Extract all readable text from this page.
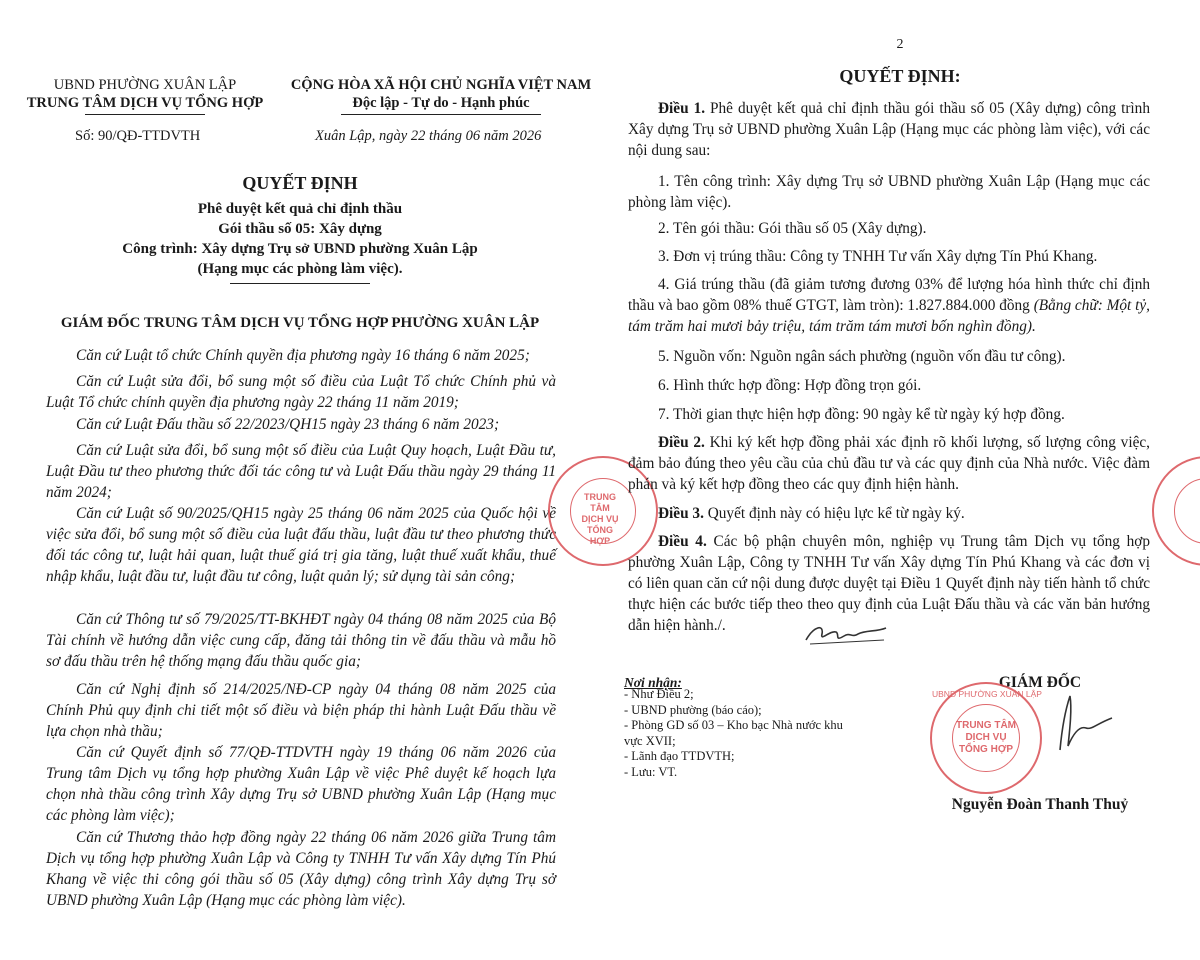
UBND PHƯỜNG XUÂN LẬP
TRUNG TÂM DỊCH VỤ TỔNG HỢP
Số: 90/QĐ-TTDVTH
CỘNG HÒA XÃ HỘI CHỦ NGHĨA VIỆT NAM
Độc lập - Tự do - Hạnh phúc
Xuân Lập, ngày 22 tháng 06 năm 2026
QUYẾT ĐỊNH
Phê duyệt kết quả chỉ định thầu
Gói thầu số 05: Xây dựng
Công trình: Xây dựng Trụ sở UBND phường Xuân Lập
(Hạng mục các phòng làm việc).
GIÁM ĐỐC TRUNG TÂM DỊCH VỤ TỔNG HỢP PHƯỜNG XUÂN LẬP
Căn cứ Luật tổ chức Chính quyền địa phương ngày 16 tháng 6 năm 2025;
Căn cứ Luật sửa đổi, bổ sung một số điều của Luật Tổ chức Chính phủ và Luật Tổ chức chính quyền địa phương ngày 22 tháng 11 năm 2019;
Căn cứ Luật Đấu thầu số 22/2023/QH15 ngày 23 tháng 6 năm 2023;
Căn cứ Luật sửa đổi, bổ sung một số điều của Luật Quy hoạch, Luật Đầu tư, Luật Đầu tư theo phương thức đối tác công tư và Luật Đấu thầu ngày 29 tháng 11 năm 2024;
Căn cứ Luật số 90/2025/QH15 ngày 25 tháng 06 năm 2025 của Quốc hội về việc sửa đổi, bổ sung một số điều của luật đấu thầu, luật đầu tư theo phương thức đối tác công tư, luật hải quan, luật thuế giá trị gia tăng, luật thuế xuất khẩu, thuế nhập khẩu, luật đầu tư, luật đầu tư công, luật quản lý; sử dụng tài sản công;
Căn cứ Thông tư số 79/2025/TT-BKHĐT ngày 04 tháng 08 năm 2025 của Bộ Tài chính về hướng dẫn việc cung cấp, đăng tải thông tin về đấu thầu và mẫu hồ sơ đấu thầu trên hệ thống mạng đấu thầu quốc gia;
Căn cứ Nghị định số 214/2025/NĐ-CP ngày 04 tháng 08 năm 2025 của Chính Phủ quy định chi tiết một số điều và biện pháp thi hành Luật Đấu thầu về lựa chọn nhà thầu;
Căn cứ Quyết định số 77/QĐ-TTDVTH ngày 19 tháng 06 năm 2026 của Trung tâm Dịch vụ tổng hợp phường Xuân Lập về việc Phê duyệt kế hoạch lựa chọn nhà thầu công trình Xây dựng Trụ sở UBND phường Xuân Lập (Hạng mục các phòng làm việc);
Căn cứ Thương thảo hợp đồng ngày 22 tháng 06 năm 2026 giữa Trung tâm Dịch vụ tổng hợp phường Xuân Lập và Công ty TNHH Tư vấn Xây dựng Tín Phú Khang về việc thi công gói thầu số 05 (Xây dựng) công trình Xây dựng Trụ sở UBND phường Xuân Lập (Hạng mục các phòng làm việc).
TRUNG TÂM
DỊCH VỤ
TỔNG HỢP
2
QUYẾT ĐỊNH:
Điều 1. Phê duyệt kết quả chỉ định thầu gói thầu số 05 (Xây dựng) công trình Xây dựng Trụ sở UBND phường Xuân Lập (Hạng mục các phòng làm việc), với các nội dung sau:
1. Tên công trình: Xây dựng Trụ sở UBND phường Xuân Lập (Hạng mục các phòng làm việc).
2. Tên gói thầu: Gói thầu số 05 (Xây dựng).
3. Đơn vị trúng thầu: Công ty TNHH Tư vấn Xây dựng Tín Phú Khang.
4. Giá trúng thầu (đã giảm tương đương 03% để lượng hóa hình thức chỉ định thầu và bao gồm 08% thuế GTGT, làm tròn): 1.827.884.000 đồng (Bằng chữ: Một tỷ, tám trăm hai mươi bảy triệu, tám trăm tám mươi bốn nghìn đồng).
5. Nguồn vốn: Nguồn ngân sách phường (nguồn vốn đầu tư công).
6. Hình thức hợp đồng: Hợp đồng trọn gói.
7. Thời gian thực hiện hợp đồng: 90 ngày kể từ ngày ký hợp đồng.
Điều 2. Khi ký kết hợp đồng phải xác định rõ khối lượng, số lượng công việc, đảm bảo đúng theo yêu cầu của chủ đầu tư và các quy định của Nhà nước. Việc đàm phán và ký kết hợp đồng theo các quy định hiện hành.
Điều 3. Quyết định này có hiệu lực kể từ ngày ký.
Điều 4. Các bộ phận chuyên môn, nghiệp vụ Trung tâm Dịch vụ tổng hợp phường Xuân Lập, Công ty TNHH Tư vấn Xây dựng Tín Phú Khang và các đơn vị có liên quan căn cứ nội dung được duyệt tại Điều 1 Quyết định này tiến hành tổ chức thực hiện các bước tiếp theo theo quy định của Luật Đấu thầu và các văn bản hướng dẫn hiện hành./.
Nơi nhận:
- Như Điều 2;
- UBND phường (báo cáo);
- Phòng GD số 03 – Kho bạc Nhà nước khu
vực XVII;
- Lãnh đạo TTDVTH;
- Lưu: VT.
GIÁM ĐỐC
UBND PHƯỜNG XUÂN LẬP
TRUNG TÂM
DỊCH VỤ
TỔNG HỢP
Nguyễn Đoàn Thanh Thuỷ
